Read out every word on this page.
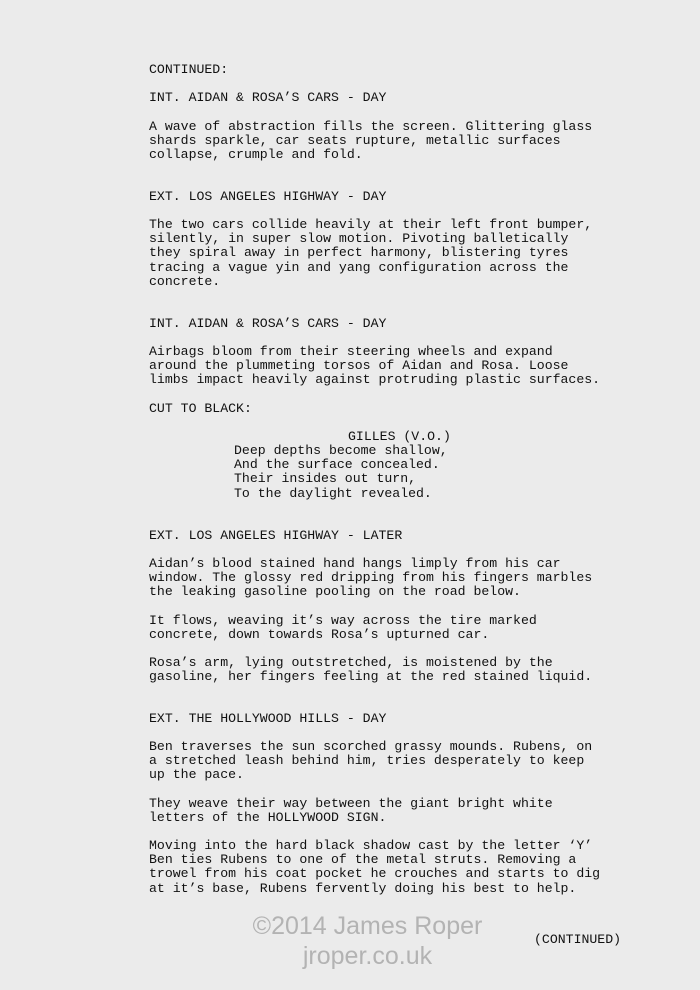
CONTINUED:

INT. AIDAN & ROSA’S CARS - DAY

A wave of abstraction fills the screen. Glittering glass
shards sparkle, car seats rupture, metallic surfaces
collapse, crumple and fold.

EXT. LOS ANGELES HIGHWAY - DAY

The two cars collide heavily at their left front bumper,
silently, in super slow motion. Pivoting balletically
they spiral away in perfect harmony, blistering tyres
tracing a vague yin and yang configuration across the
concrete.

INT. AIDAN & ROSA’S CARS - DAY

Airbags bloom from their steering wheels and expand
around the plummeting torsos of Aidan and Rosa. Loose
limbs impact heavily against protruding plastic surfaces.

CUT TO BLACK:

GILLES (V.O.)

Deep depths become shallow,
And the surface concealed.
Their insides out turn,
To the daylight revealed.

EXT. LOS ANGELES HIGHWAY - LATER

Aidan’s blood stained hand hangs limply from his car
window. The glossy red dripping from his fingers marbles
the leaking gasoline pooling on the road below.

It flows, weaving it’s way across the tire marked
concrete, down towards Rosa’s upturned car.

Rosa’s arm, lying outstretched, is moistened by the
gasoline, her fingers feeling at the red stained liquid.

EXT. THE HOLLYWOOD HILLS - DAY

Ben traverses the sun scorched grassy mounds. Rubens, on
a stretched leash behind him, tries desperately to keep
up the pace.

They weave their way between the giant bright white
letters of the HOLLYWOOD SIGN.

Moving into the hard black shadow cast by the letter ‘Y’
Ben ties Rubens to one of the metal struts. Removing a
trowel from his coat pocket he crouches and starts to dig
at it’s base, Rubens fervently doing his best to help.

(CONTINUED)

©2014 James Roper
jroper.co.uk
